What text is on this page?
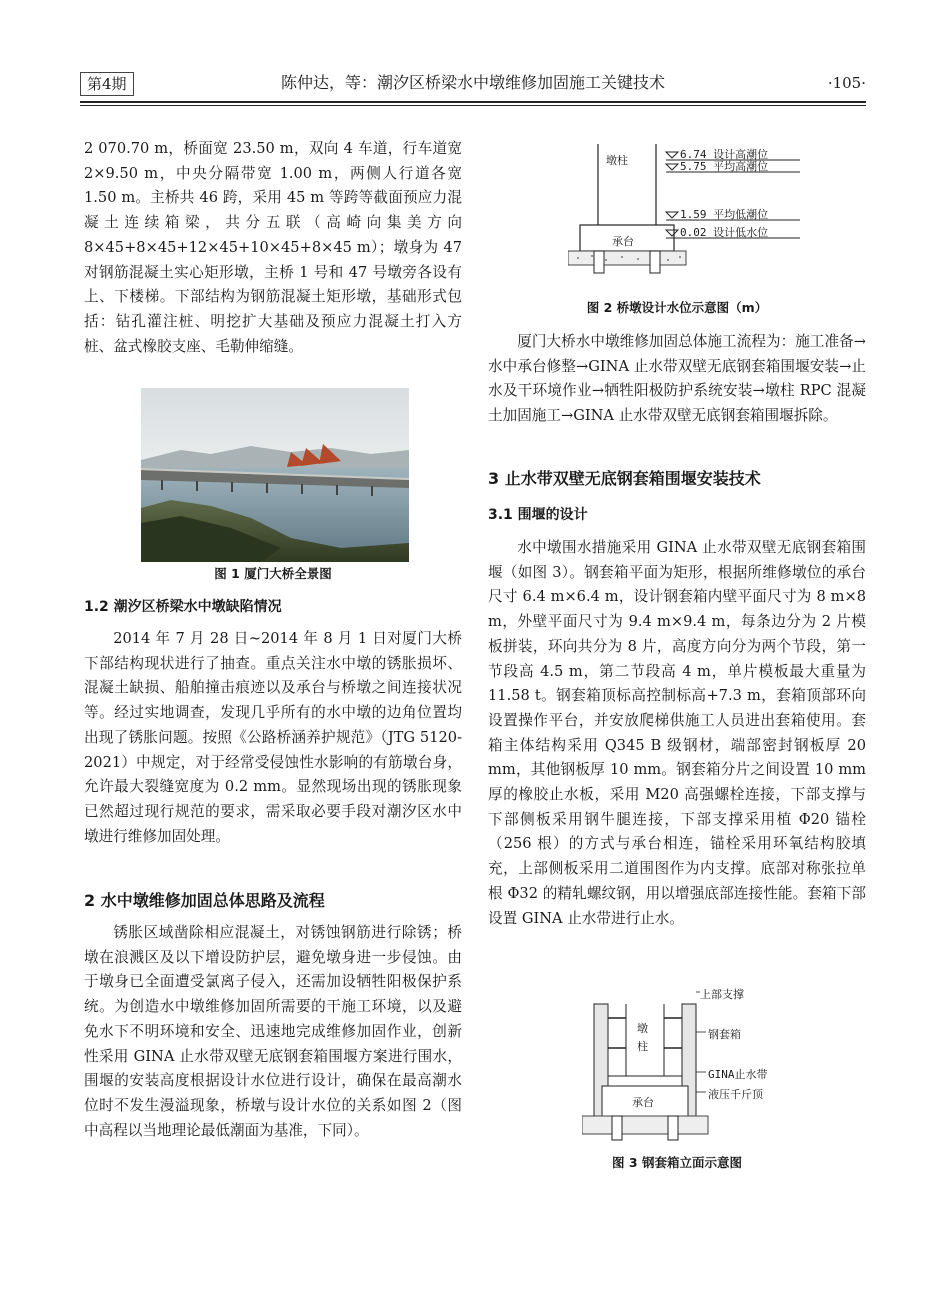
第4期	陈仲达，等：潮汐区桥梁水中墩维修加固施工关键技术	·105·

2 070.70 m，桥面宽 23.50 m，双向 4 车道，行车道宽 2×9.50 m，中央分隔带宽 1.00 m，两侧人行道各宽 1.50 m。主桥共 46 跨，采用 45 m 等跨等截面预应力混凝土连续箱梁，共分五联（高崎向集美方向 8×45+8×45+12×45+10×45+8×45 m）；墩身为 47 对钢筋混凝土实心矩形墩，主桥 1 号和 47 号墩旁各设有上、下楼梯。下部结构为钢筋混凝土矩形墩，基础形式包括：钻孔灌注桩、明挖扩大基础及预应力混凝土打入方桩、盆式橡胶支座、毛勒伸缩缝。

图 1 厦门大桥全景图
1.2 潮汐区桥梁水中墩缺陷情况

2014 年 7 月 28 日~2014 年 8 月 1 日对厦门大桥下部结构现状进行了抽查。重点关注水中墩的锈胀损坏、混凝土缺损、船舶撞击痕迹以及承台与桥墩之间连接状况等。经过实地调查，发现几乎所有的水中墩的边角位置均出现了锈胀问题。按照《公路桥涵养护规范》（JTG 5120-2021）中规定，对于经常受侵蚀性水影响的有筋墩台身，允许最大裂缝宽度为 0.2 mm。显然现场出现的锈胀现象已然超过现行规范的要求，需采取必要手段对潮汐区水中墩进行维修加固处理。

2 水中墩维修加固总体思路及流程

锈胀区域凿除相应混凝土，对锈蚀钢筋进行除锈；桥墩在浪溅区及以下增设防护层，避免墩身进一步侵蚀。由于墩身已全面遭受氯离子侵入，还需加设牺牲阳极保护系统。为创造水中墩维修加固所需要的干施工环境，以及避免水下不明环境和安全、迅速地完成维修加固作业，创新性采用 GINA 止水带双壁无底钢套箱围堰方案进行围水，围堰的安装高度根据设计水位进行设计，确保在最高潮水位时不发生漫溢现象，桥墩与设计水位的关系如图 2（图中高程以当地理论最低潮面为基准，下同）。

墩柱
承台
6.74 设计高潮位
5.75 平均高潮位
1.59 平均低潮位
0.02 设计低水位
图 2 桥墩设计水位示意图（m）

厦门大桥水中墩维修加固总体施工流程为：施工准备→水中承台修整→GINA 止水带双壁无底钢套箱围堰安装→止水及干环境作业→牺牲阳极防护系统安装→墩柱 RPC 混凝土加固施工→GINA 止水带双壁无底钢套箱围堰拆除。

3 止水带双壁无底钢套箱围堰安装技术
3.1 围堰的设计

水中墩围水措施采用 GINA 止水带双壁无底钢套箱围堰（如图 3）。钢套箱平面为矩形，根据所维修墩位的承台尺寸 6.4 m×6.4 m，设计钢套箱内壁平面尺寸为 8 m×8 m，外壁平面尺寸为 9.4 m×9.4 m，每条边分为 2 片模板拼装，环向共分为 8 片，高度方向分为两个节段，第一节段高 4.5 m，第二节段高 4 m，单片模板最大重量为 11.58 t。钢套箱顶标高控制标高+7.3 m，套箱顶部环向设置操作平台，并安放爬梯供施工人员进出套箱使用。套箱主体结构采用 Q345 B 级钢材，端部密封钢板厚 20 mm，其他钢板厚 10 mm。钢套箱分片之间设置 10 mm 厚的橡胶止水板，采用 M20 高强螺栓连接，下部支撑与下部侧板采用钢牛腿连接，下部支撑采用植 Φ20 锚栓（256 根）的方式与承台相连，锚栓采用环氧结构胶填充，上部侧板采用二道围图作为内支撑。底部对称张拉单根 Φ32 的精轧螺纹钢，用以增强底部连接性能。套箱下部设置 GINA 止水带进行止水。

墩
柱
承台
上部支撑
钢套箱
GINA止水带
液压千斤顶
图 3 钢套箱立面示意图
